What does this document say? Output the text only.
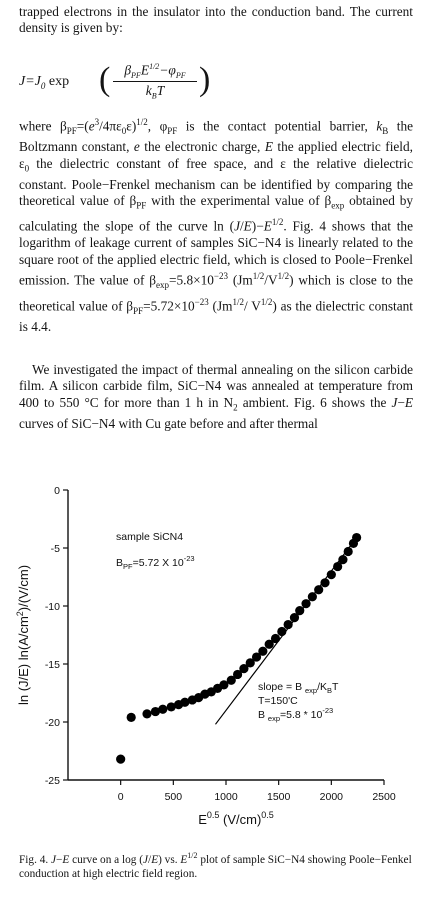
trapped electrons in the insulator into the conduction band. The current density is given by:
$J=J_0$ exp (	$\beta_{PF}E^{1/2}-\varphi_{PF}$
$k_BT$	)
where $\beta_{PF}=(e^3/4\pi\varepsilon_0\varepsilon)^{1/2}$, $\varphi_{PF}$ is the contact potential barrier, $k_B$ the Boltzmann constant, e the electronic charge, E the applied electric field, $\varepsilon_0$ the dielectric constant of free space, and ε the relative dielectric constant. Poole−Frenkel mechanism can be identified by comparing the theoretical value of $\beta_{PF}$ with the experimental value of $\beta_{exp}$ obtained by calculating the slope of the curve $\ln (J/E)-E^{1/2}$. Fig. 4 shows that the logarithm of leakage current of samples SiC−N4 is linearly related to the square root of the applied electric field, which is closed to Poole−Frenkel emission. The value of $\beta_{exp}=5.8\times 10^{-23}$ $(Jm^{1/2}/V^{1/2})$ which is close to the theoretical value of $\beta_{PF}=5.72\times 10^{-23}$ ($Jm^{1/2}/$ $V^{1/2}$) as the dielectric constant is 4.4.
We investigated the impact of thermal annealing on the silicon carbide film. A silicon carbide film, SiC−N4 was annealed at temperature from 400 to 550 °C for more than 1 h in $N_2$ ambient. Fig. 6 shows the J−E curves of SiC−N4 with Cu gate before and after thermal
0
-5
-10
-15
-20
-25
0	500	1000	1500	2000	2500
$E^{0.5}$ $(V/cm)^{0.5}$
ln (J/E) $\ln(A/cm^2)/(V/cm)$
sample SiCN4
$B_{PF}=5.72$ X $10^{-23}$
slope = B $_{exp}/K_BT$
T=150'C
B $_{exp}=5.8 * 10^{-23}$
Fig. 4. J−E curve on a log (J/E) vs. $E^{1/2}$ plot of sample SiC−N4 showing Poole−Fenkel conduction at high electric field region.
